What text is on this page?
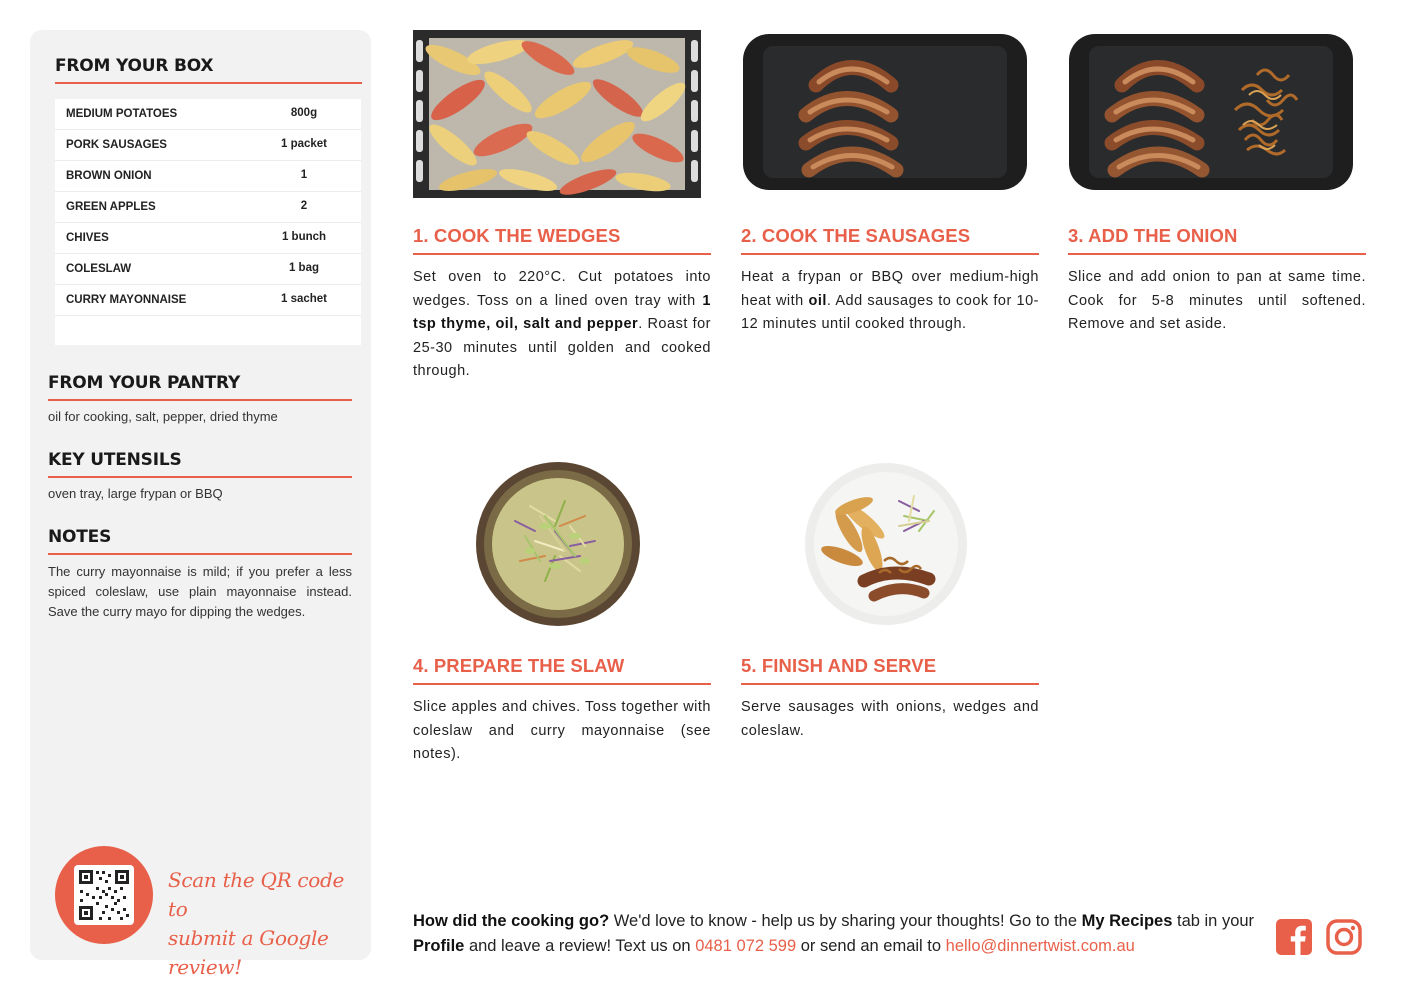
FROM YOUR BOX
MEDIUM POTATOES	800g
PORK SAUSAGES	1 packet
BROWN ONION	1
GREEN APPLES	2
CHIVES	1 bunch
COLESLAW	1 bag
CURRY MAYONNAISE	1 sachet
FROM YOUR PANTRY
oil for cooking, salt, pepper, dried thyme
KEY UTENSILS
oven tray, large frypan or BBQ
NOTES
The curry mayonnaise is mild; if you prefer a less spiced coleslaw, use plain mayonnaise instead. Save the curry mayo for dipping the wedges.
Scan the QR code to
submit a Google review!
1. COOK THE WEDGES
Set oven to 220°C. Cut potatoes into wedges. Toss on a lined oven tray with 1 tsp thyme, oil, salt and pepper. Roast for 25-30 minutes until golden and cooked through.
2. COOK THE SAUSAGES
Heat a frypan or BBQ over medium-high heat with oil. Add sausages to cook for 10-12 minutes until cooked through.
3. ADD THE ONION
Slice and add onion to pan at same time. Cook for 5-8 minutes until softened. Remove and set aside.
4. PREPARE THE SLAW
Slice apples and chives. Toss together with coleslaw and curry mayonnaise (see notes).
5. FINISH AND SERVE
Serve sausages with onions, wedges and coleslaw.
How did the cooking go? We'd love to know - help us by sharing your thoughts! Go to the My Recipes tab in your Profile and leave a review! Text us on 0481 072 599 or send an email to hello@dinnertwist.com.au
